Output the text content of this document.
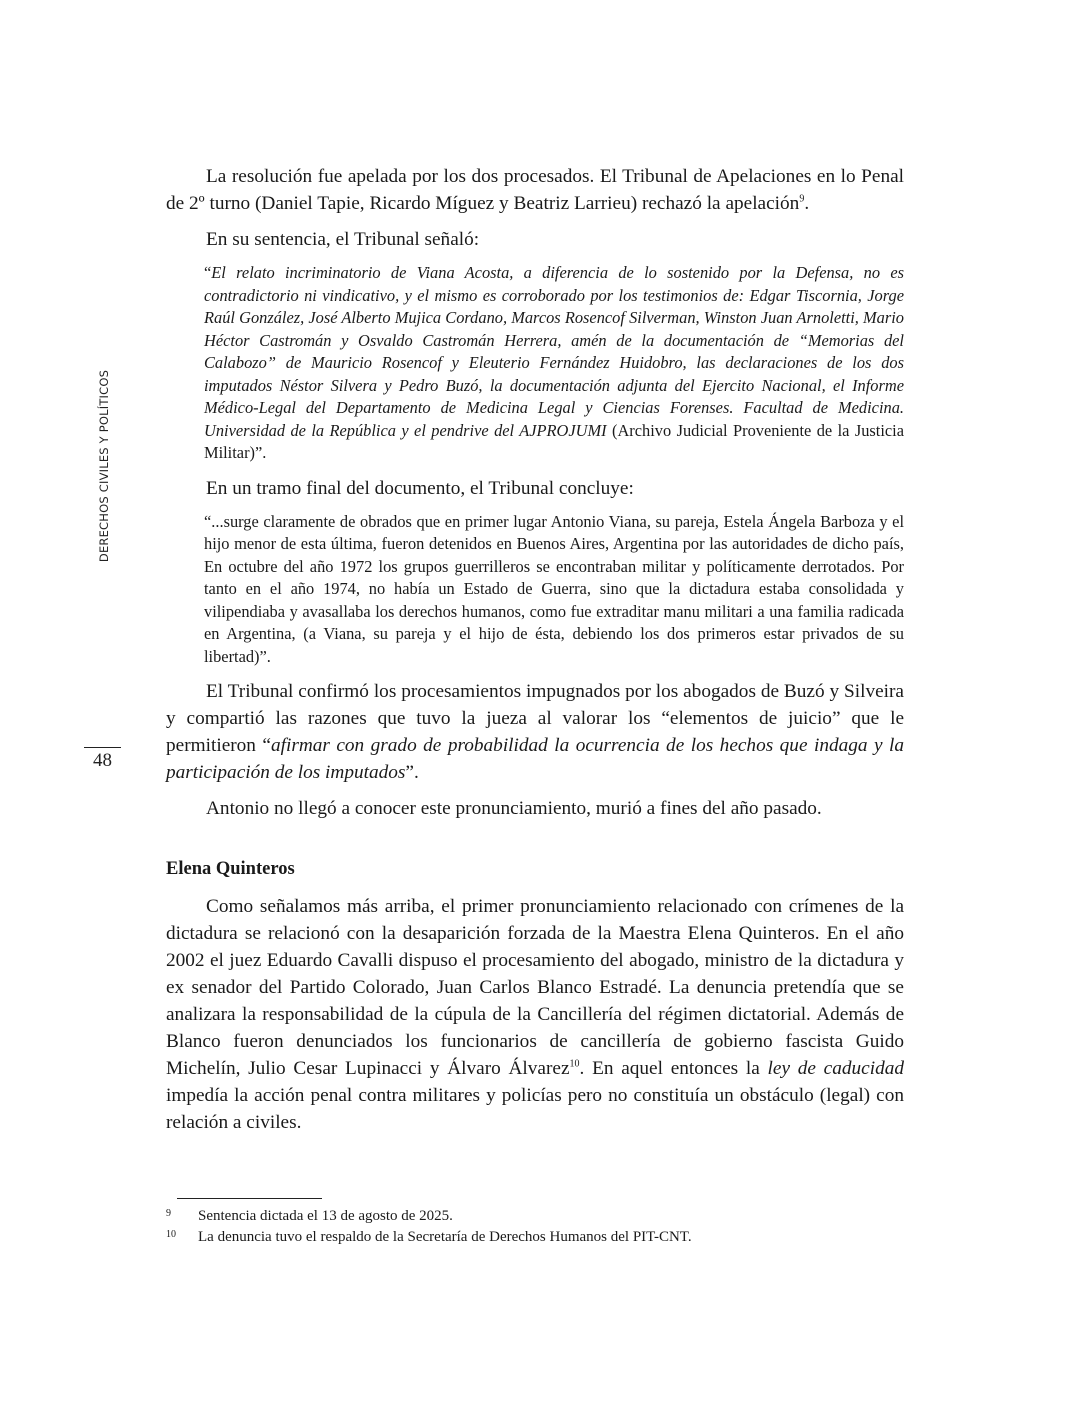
DERECHOS CIVILES Y POLÍTICOS
48

La resolución fue apelada por los dos procesados. El Tribunal de Apelaciones en lo Penal de 2º turno (Daniel Tapie, Ricardo Míguez y Beatriz Larrieu) rechazó la apelación$^9$.

En su sentencia, el Tribunal señaló:

“El relato incriminatorio de Viana Acosta, a diferencia de lo sostenido por la Defensa, no es contradictorio ni vindicativo, y el mismo es corroborado por los testimonios de: Edgar Tiscornia, Jorge Raúl González, José Alberto Mujica Cordano, Marcos Rosencof Silverman, Winston Juan Arnoletti, Mario Héctor Castromán y Osvaldo Castromán Herrera, amén de la documentación de “Memorias del Calabozo” de Mauricio Rosencof y Eleuterio Fernández Huidobro, las declaraciones de los dos imputados Néstor Silvera y Pedro Buzó, la documentación adjunta del Ejercito Nacional, el Informe Médico-Legal del Departamento de Medicina Legal y Ciencias Forenses. Facultad de Medicina. Universidad de la República y el pendrive del AJPROJUMI (Archivo Judicial Proveniente de la Justicia Militar)”.

En un tramo final del documento, el Tribunal concluye:

“...surge claramente de obrados que en primer lugar Antonio Viana, su pareja, Estela Ángela Barboza y el hijo menor de esta última, fueron detenidos en Buenos Aires, Argentina por las autoridades de dicho país, En octubre del año 1972 los grupos guerrilleros se encontraban militar y políticamente derrotados. Por tanto en el año 1974, no había un Estado de Guerra, sino que la dictadura estaba consolidada y vilipendiaba y avasallaba los derechos humanos, como fue extraditar manu militari a una familia radicada en Argentina, (a Viana, su pareja y el hijo de ésta, debiendo los dos primeros estar privados de su libertad)”.

El Tribunal confirmó los procesamientos impugnados por los abogados de Buzó y Silveira y compartió las razones que tuvo la jueza al valorar los “elementos de juicio” que le permitieron “afirmar con grado de probabilidad la ocurrencia de los hechos que indaga y la participación de los imputados”.

Antonio no llegó a conocer este pronunciamiento, murió a fines del año pasado.

Elena Quinteros

Como señalamos más arriba, el primer pronunciamiento relacionado con crímenes de la dictadura se relacionó con la desaparición forzada de la Maestra Elena Quinteros. En el año 2002 el juez Eduardo Cavalli dispuso el procesamiento del abogado, ministro de la dictadura y ex senador del Partido Colorado, Juan Carlos Blanco Estradé. La denuncia pretendía que se analizara la responsabilidad de la cúpula de la Cancillería del régimen dictatorial. Además de Blanco fueron denunciados los funcionarios de cancillería de gobierno fascista Guido Michelín, Julio Cesar Lupinacci y Álvaro Álvarez$^{10}$. En aquel entonces la ley de caducidad impedía la acción penal contra militares y policías pero no constituía un obstáculo (legal) con relación a civiles.

9	Sentencia dictada el 13 de agosto de 2025.
10	La denuncia tuvo el respaldo de la Secretaría de Derechos Humanos del PIT-CNT.
